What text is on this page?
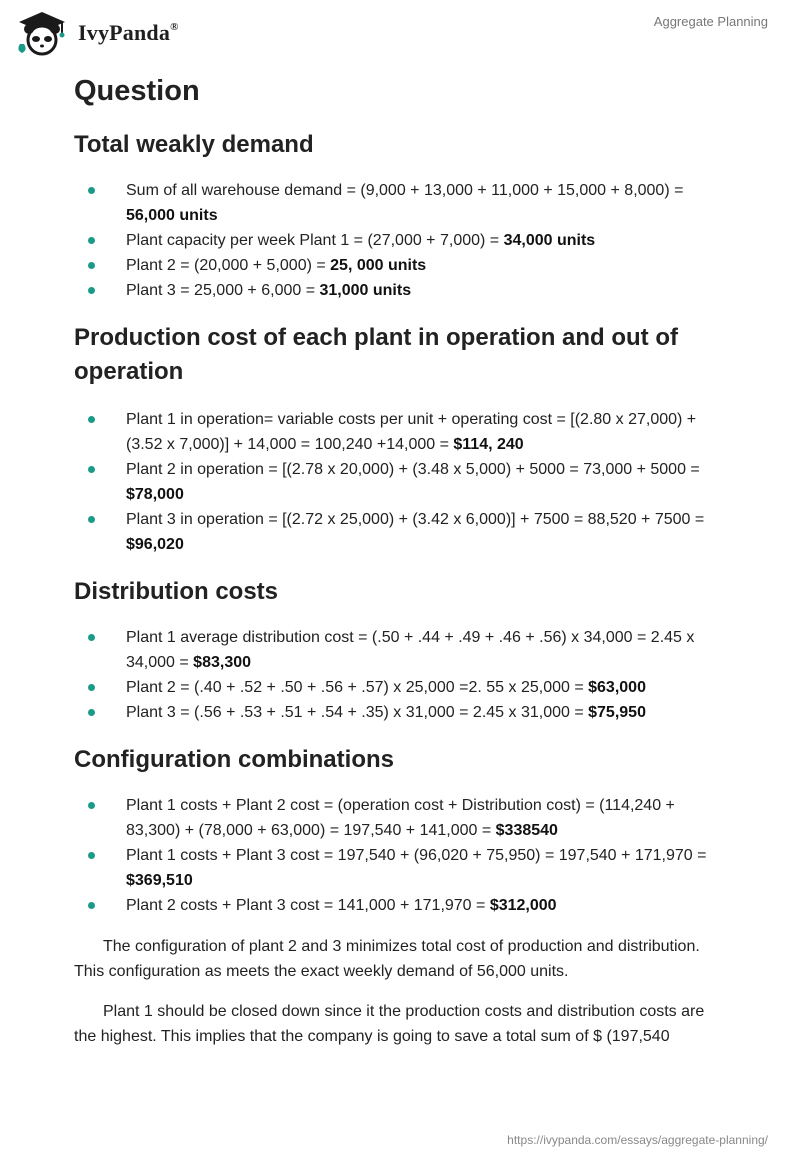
IvyPanda®	Aggregate Planning
Question
Total weakly demand
Sum of all warehouse demand = (9,000 + 13,000 + 11,000 + 15,000 + 8,000) = 56,000 units
Plant capacity per week Plant 1 = (27,000 + 7,000) = 34,000 units
Plant 2 = (20,000 + 5,000) = 25, 000 units
Plant 3 = 25,000 + 6,000 = 31,000 units
Production cost of each plant in operation and out of operation
Plant 1 in operation= variable costs per unit + operating cost = [(2.80 x 27,000) + (3.52 x 7,000)] + 14,000 = 100,240 +14,000 = $114, 240
Plant 2 in operation = [(2.78 x 20,000) + (3.48 x 5,000) + 5000 = 73,000 + 5000 = $78,000
Plant 3 in operation = [(2.72 x 25,000) + (3.42 x 6,000)] + 7500 = 88,520 + 7500 = $96,020
Distribution costs
Plant 1 average distribution cost = (.50 + .44 + .49 + .46 + .56) x 34,000 = 2.45 x 34,000 = $83,300
Plant 2 = (.40 + .52 + .50 + .56 + .57) x 25,000 =2. 55 x 25,000 = $63,000
Plant 3 = (.56 + .53 + .51 + .54 + .35) x 31,000 = 2.45 x 31,000 = $75,950
Configuration combinations
Plant 1 costs + Plant 2 cost = (operation cost + Distribution cost) = (114,240 + 83,300) + (78,000 + 63,000) = 197,540 + 141,000 = $338540
Plant 1 costs + Plant 3 cost = 197,540 + (96,020 + 75,950) = 197,540 + 171,970 = $369,510
Plant 2 costs + Plant 3 cost = 141,000 + 171,970 = $312,000

The configuration of plant 2 and 3 minimizes total cost of production and distribution. This configuration as meets the exact weekly demand of 56,000 units.

Plant 1 should be closed down since it the production costs and distribution costs are the highest. This implies that the company is going to save a total sum of $ (197,540

https://ivypanda.com/essays/aggregate-planning/
